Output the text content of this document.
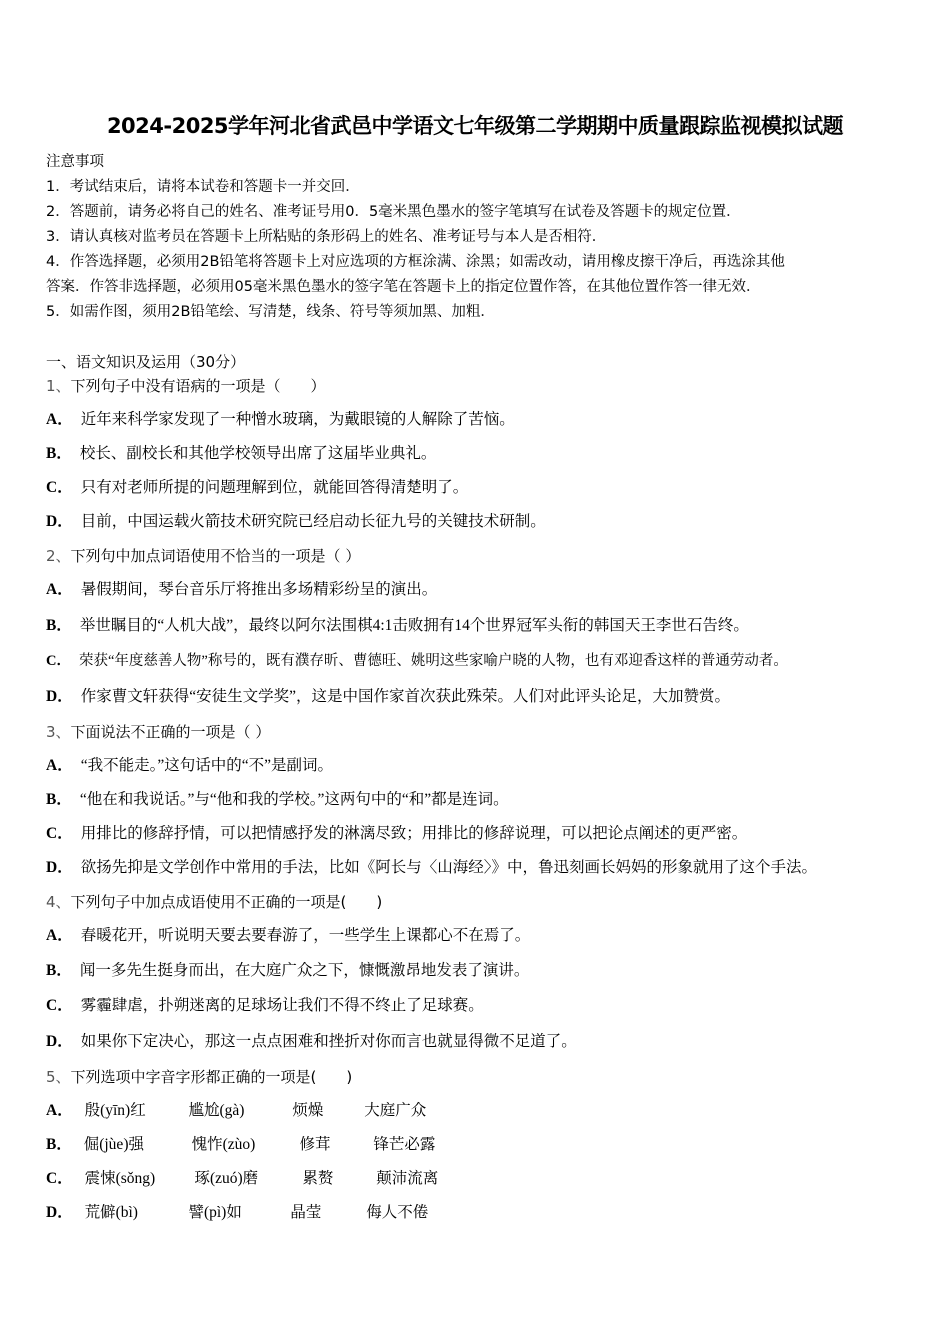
2024-2025学年河北省武邑中学语文七年级第二学期期中质量跟踪监视模拟试题
注意事项
1．考试结束后，请将本试卷和答题卡一并交回．
2．答题前，请务必将自己的姓名、准考证号用0．5毫米黑色墨水的签字笔填写在试卷及答题卡的规定位置．
3．请认真核对监考员在答题卡上所粘贴的条形码上的姓名、准考证号与本人是否相符．
4．作答选择题，必须用2B铅笔将答题卡上对应选项的方框涂满、涂黑；如需改动，请用橡皮擦干净后，再选涂其他
答案．作答非选择题，必须用05毫米黑色墨水的签字笔在答题卡上的指定位置作答，在其他位置作答一律无效．
5．如需作图，须用2B铅笔绘、写清楚，线条、符号等须加黑、加粗．
一、语文知识及运用（30分）
1、下列句子中没有语病的一项是（　　）
A． 近年来科学家发现了一种憎水玻璃，为戴眼镜的人解除了苦恼。
B． 校长、副校长和其他学校领导出席了这届毕业典礼。
C． 只有对老师所提的问题理解到位，就能回答得清楚明了。
D． 目前，中国运载火箭技术研究院已经启动长征九号的关键技术研制。
2、下列句中加点词语使用不恰当的一项是（ ）
A． 暑假期间，琴台音乐厅将推出多场精彩纷呈的演出。
B． 举世瞩目的“人机大战”，最终以阿尔法围棋4:1击败拥有14个世界冠军头衔的韩国天王李世石告终。
C． 荣获“年度慈善人物”称号的，既有濮存昕、曹德旺、姚明这些家喻户晓的人物，也有邓迎香这样的普通劳动者。
D． 作家曹文轩获得“安徒生文学奖”，这是中国作家首次获此殊荣。人们对此评头论足，大加赞赏。
3、下面说法不正确的一项是（ ）
A． “我不能走。”这句话中的“不”是副词。
B． “他在和我说话。”与“他和我的学校。”这两句中的“和”都是连词。
C． 用排比的修辞抒情，可以把情感抒发的淋漓尽致；用排比的修辞说理，可以把论点阐述的更严密。
D． 欲扬先抑是文学创作中常用的手法，比如《阿长与〈山海经〉》中，鲁迅刻画长妈妈的形象就用了这个手法。
4、下列句子中加点成语使用不正确的一项是(　　)
A． 春暖花开，听说明天要去要春游了，一些学生上课都心不在焉了。
B． 闻一多先生挺身而出，在大庭广众之下，慷慨激昂地发表了演讲。
C． 雾霾肆虐，扑朔迷离的足球场让我们不得不终止了足球赛。
D． 如果你下定决心，那这一点点困难和挫折对你而言也就显得微不足道了。
5、下列选项中字音字形都正确的一项是(　　)
A． 殷(yīn)红	尴尬(gà)	烦燥	大庭广众
B． 倔(jùe)强	愧怍(zùo)	修茸	锋芒必露
C． 震悚(sǒng)	琢(zuó)磨	累赘	颠沛流离
D． 荒僻(bì)	譬(pì)如	晶莹	侮人不倦
